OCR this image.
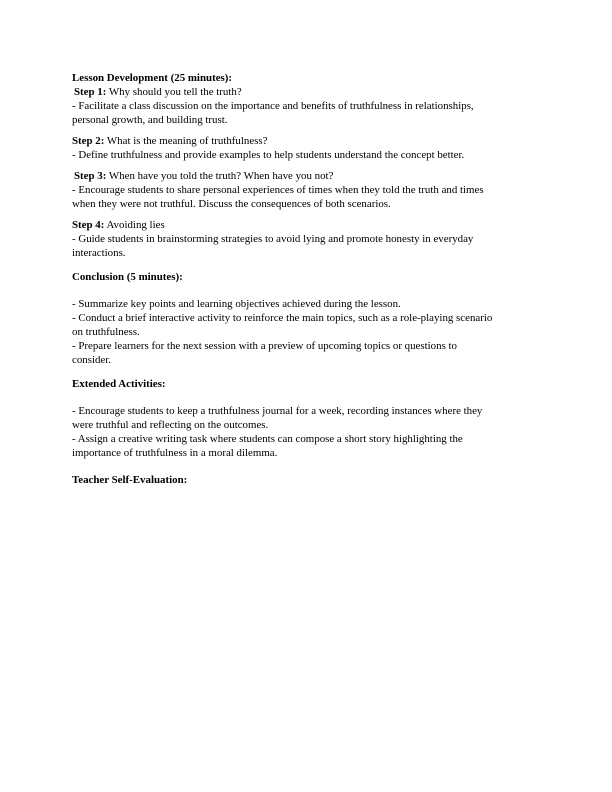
Lesson Development (25 minutes):

Step 1: Why should you tell the truth?

- Facilitate a class discussion on the importance and benefits of truthfulness in relationships,

personal growth, and building trust.

Step 2: What is the meaning of truthfulness?

- Define truthfulness and provide examples to help students understand the concept better.

Step 3: When have you told the truth? When have you not?

- Encourage students to share personal experiences of times when they told the truth and times

when they were not truthful. Discuss the consequences of both scenarios.

Step 4: Avoiding lies

- Guide students in brainstorming strategies to avoid lying and promote honesty in everyday

interactions.

Conclusion (5 minutes):

- Summarize key points and learning objectives achieved during the lesson.

- Conduct a brief interactive activity to reinforce the main topics, such as a role-playing scenario

on truthfulness.

- Prepare learners for the next session with a preview of upcoming topics or questions to

consider.

Extended Activities:

- Encourage students to keep a truthfulness journal for a week, recording instances where they

were truthful and reflecting on the outcomes.

- Assign a creative writing task where students can compose a short story highlighting the

importance of truthfulness in a moral dilemma.

Teacher Self-Evaluation:
